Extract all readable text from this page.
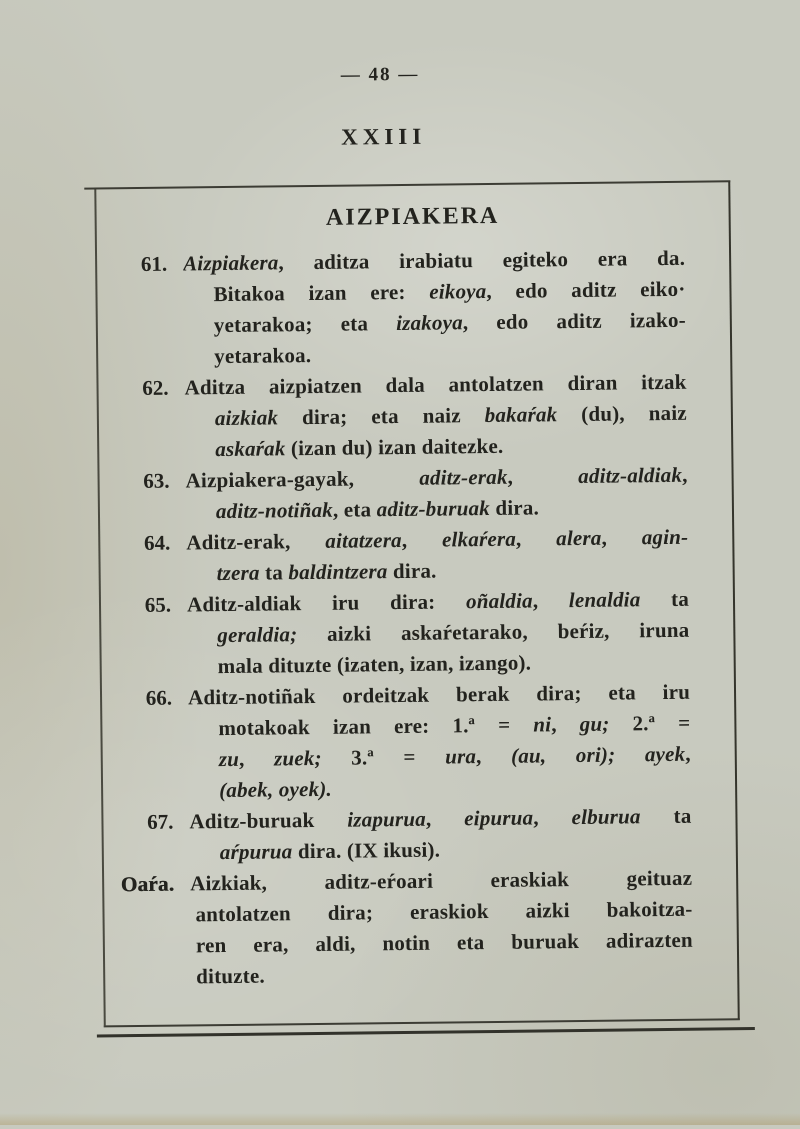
— 48 —
XXIII
AIZPIAKERA
61. Aizpiakera, aditza irabiatu egiteko era da.
Bitakoa izan ere: eikoya, edo aditz eiko·
yetarakoa; eta izakoya, edo aditz izako-
yetarakoa.
62. Aditza aizpiatzen dala antolatzen diran itzak
aizkiak dira; eta naiz bakaŕak (du), naiz
askaŕak (izan du) izan daitezke.
63. Aizpiakera-gayak, aditz-erak, aditz-aldiak,
aditz-notiñak, eta aditz-buruak dira.
64. Aditz-erak, aitatzera, elkaŕera, alera, agin-
tzera ta baldintzera dira.
65. Aditz-aldiak iru dira: oñaldia, lenaldia ta
geraldia; aizki askaŕetarako, beŕiz, iruna
mala dituzte (izaten, izan, izango).
66. Aditz-notiñak ordeitzak berak dira; eta iru
motakoak izan ere: 1.ª = ni, gu; 2.ª =
zu, zuek; 3.ª = ura, (au, ori); ayek,
(abek, oyek).
67. Aditz-buruak izapurua, eipurua, elburua ta
aŕpurua dira. (IX ikusi).
Oaŕa. Aizkiak, aditz-eŕoari eraskiak geituaz
antolatzen dira; eraskiok aizki bakoitza-
ren era, aldi, notin eta buruak adirazten
dituzte.
